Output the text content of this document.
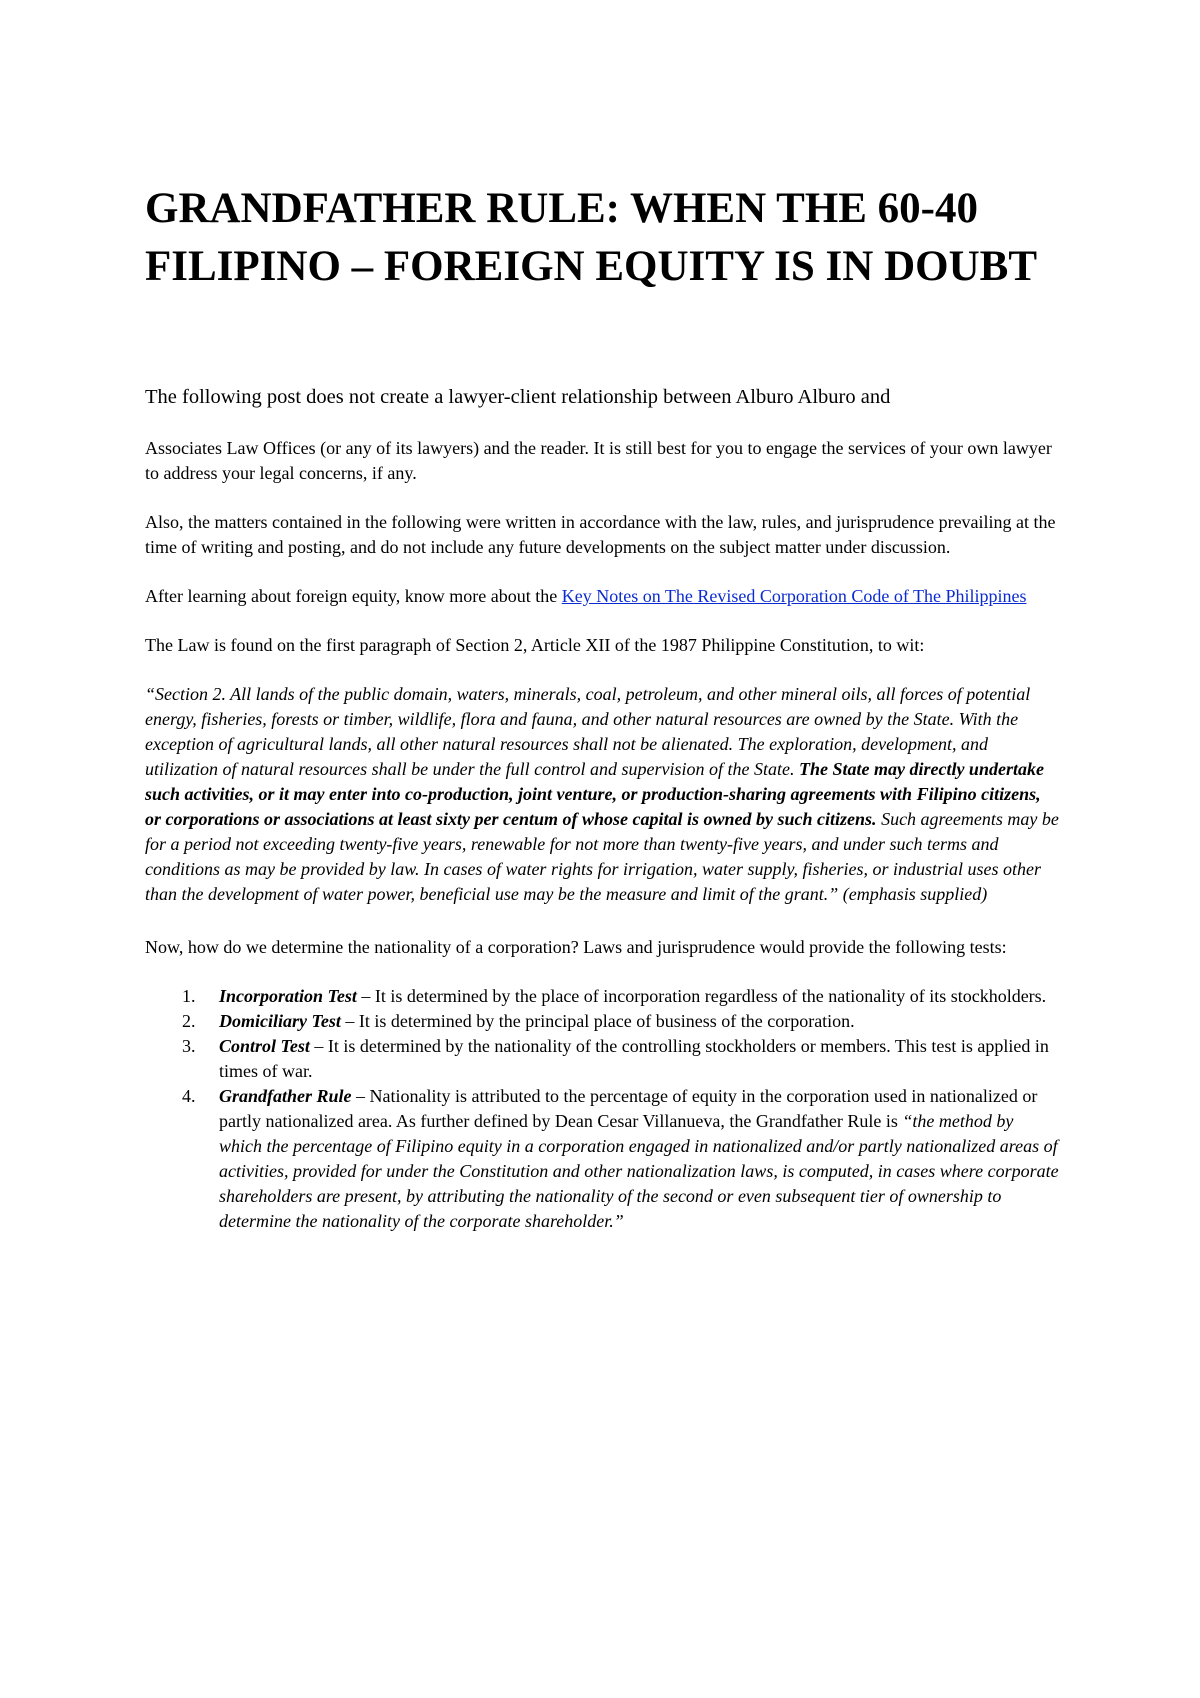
GRANDFATHER RULE: WHEN THE 60-40 FILIPINO – FOREIGN EQUITY IS IN DOUBT

The following post does not create a lawyer-client relationship between Alburo Alburo and

Associates Law Offices (or any of its lawyers) and the reader. It is still best for you to engage the services of your own lawyer to address your legal concerns, if any.

Also, the matters contained in the following were written in accordance with the law, rules, and jurisprudence prevailing at the time of writing and posting, and do not include any future developments on the subject matter under discussion.

After learning about foreign equity, know more about the Key Notes on The Revised Corporation Code of The Philippines

The Law is found on the first paragraph of Section 2, Article XII of the 1987 Philippine Constitution, to wit:

“Section 2. All lands of the public domain, waters, minerals, coal, petroleum, and other mineral oils, all forces of potential energy, fisheries, forests or timber, wildlife, flora and fauna, and other natural resources are owned by the State. With the exception of agricultural lands, all other natural resources shall not be alienated. The exploration, development, and utilization of natural resources shall be under the full control and supervision of the State. The State may directly undertake such activities, or it may enter into co-production, joint venture, or production-sharing agreements with Filipino citizens, or corporations or associations at least sixty per centum of whose capital is owned by such citizens. Such agreements may be for a period not exceeding twenty-five years, renewable for not more than twenty-five years, and under such terms and conditions as may be provided by law. In cases of water rights for irrigation, water supply, fisheries, or industrial uses other than the development of water power, beneficial use may be the measure and limit of the grant.” (emphasis supplied)

Now, how do we determine the nationality of a corporation? Laws and jurisprudence would provide the following tests:

1. Incorporation Test – It is determined by the place of incorporation regardless of the nationality of its stockholders.
2. Domiciliary Test – It is determined by the principal place of business of the corporation.
3. Control Test – It is determined by the nationality of the controlling stockholders or members. This test is applied in times of war.
4. Grandfather Rule – Nationality is attributed to the percentage of equity in the corporation used in nationalized or partly nationalized area. As further defined by Dean Cesar Villanueva, the Grandfather Rule is “the method by which the percentage of Filipino equity in a corporation engaged in nationalized and/or partly nationalized areas of activities, provided for under the Constitution and other nationalization laws, is computed, in cases where corporate shareholders are present, by attributing the nationality of the second or even subsequent tier of ownership to determine the nationality of the corporate shareholder.”
